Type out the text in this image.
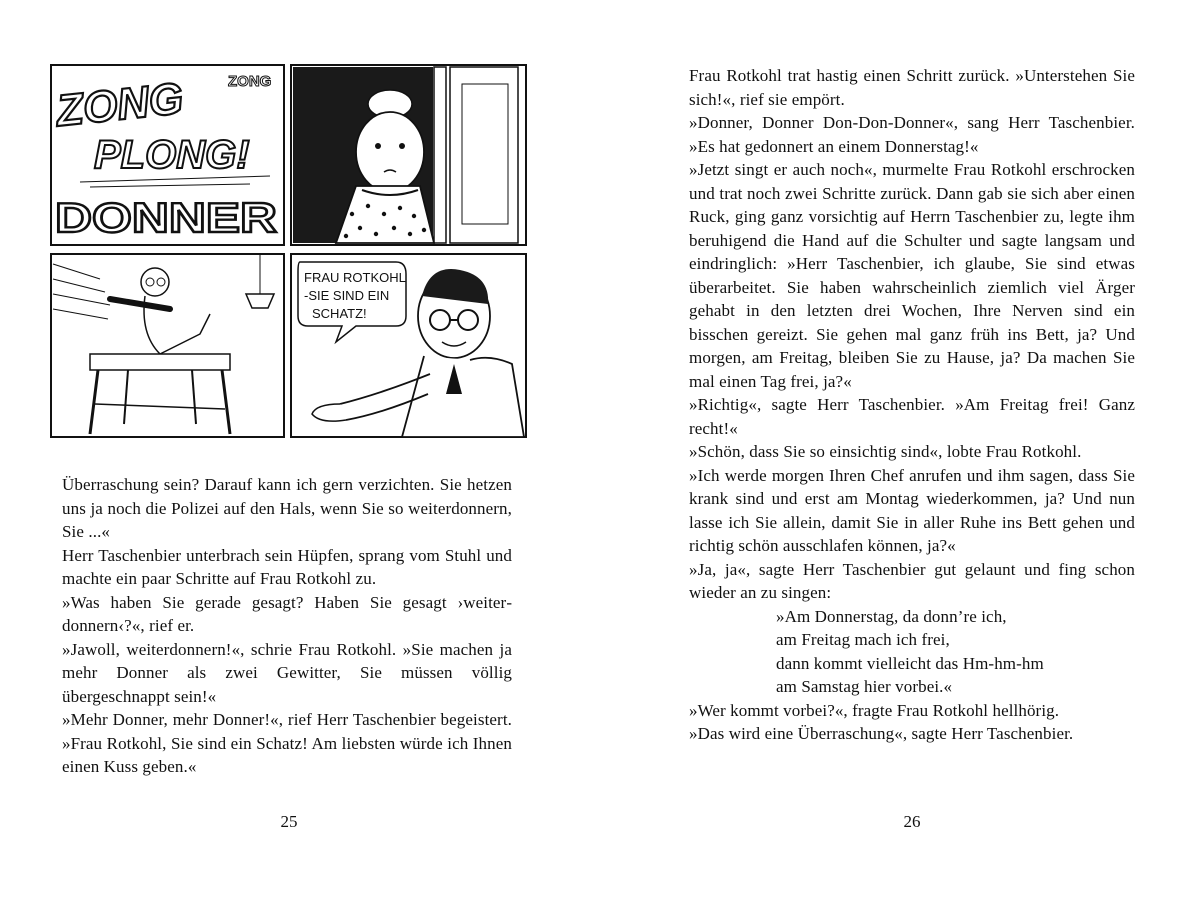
ZONG	ZONG
PLONG!
DONNER
FRAU ROTKOHL
-SIE SIND EIN
SCHATZ!

Überraschung sein? Darauf kann ich gern verzichten. Sie hetzen uns ja noch die Polizei auf den Hals, wenn Sie so weiterdonnern, Sie ...«

Herr Taschenbier unterbrach sein Hüpfen, sprang vom Stuhl und machte ein paar Schritte auf Frau Rotkohl zu.

»Was haben Sie gerade gesagt? Haben Sie gesagt ›weiterdonnern‹?«, rief er.

»Jawoll, weiterdonnern!«, schrie Frau Rotkohl. »Sie machen ja mehr Donner als zwei Gewitter, Sie müssen völlig übergeschnappt sein!«

»Mehr Donner, mehr Donner!«, rief Herr Taschenbier begeistert. »Frau Rotkohl, Sie sind ein Schatz! Am liebsten würde ich Ihnen einen Kuss geben.«

25

Frau Rotkohl trat hastig einen Schritt zurück. »Unterstehen Sie sich!«, rief sie empört.

»Donner, Donner Don-Don-Donner«, sang Herr Taschenbier. »Es hat gedonnert an einem Donnerstag!«

»Jetzt singt er auch noch«, murmelte Frau Rotkohl erschrocken und trat noch zwei Schritte zurück. Dann gab sie sich aber einen Ruck, ging ganz vorsichtig auf Herrn Taschenbier zu, legte ihm beruhigend die Hand auf die Schulter und sagte langsam und eindringlich: »Herr Taschenbier, ich glaube, Sie sind etwas überarbeitet. Sie haben wahrscheinlich ziemlich viel Ärger gehabt in den letzten drei Wochen, Ihre Nerven sind ein bisschen gereizt. Sie gehen mal ganz früh ins Bett, ja? Und morgen, am Freitag, bleiben Sie zu Hause, ja? Da machen Sie mal einen Tag frei, ja?«

»Richtig«, sagte Herr Taschenbier. »Am Freitag frei! Ganz recht!«

»Schön, dass Sie so einsichtig sind«, lobte Frau Rotkohl.

»Ich werde morgen Ihren Chef anrufen und ihm sagen, dass Sie krank sind und erst am Montag wiederkommen, ja? Und nun lasse ich Sie allein, damit Sie in aller Ruhe ins Bett gehen und richtig schön ausschlafen können, ja?«

»Ja, ja«, sagte Herr Taschenbier gut gelaunt und fing schon wieder an zu singen:

»Am Donnerstag, da donn’re ich,
am Freitag mach ich frei,
dann kommt vielleicht das Hm-hm-hm
am Samstag hier vorbei.«

»Wer kommt vorbei?«, fragte Frau Rotkohl hellhörig.

»Das wird eine Überraschung«, sagte Herr Taschenbier.

26
